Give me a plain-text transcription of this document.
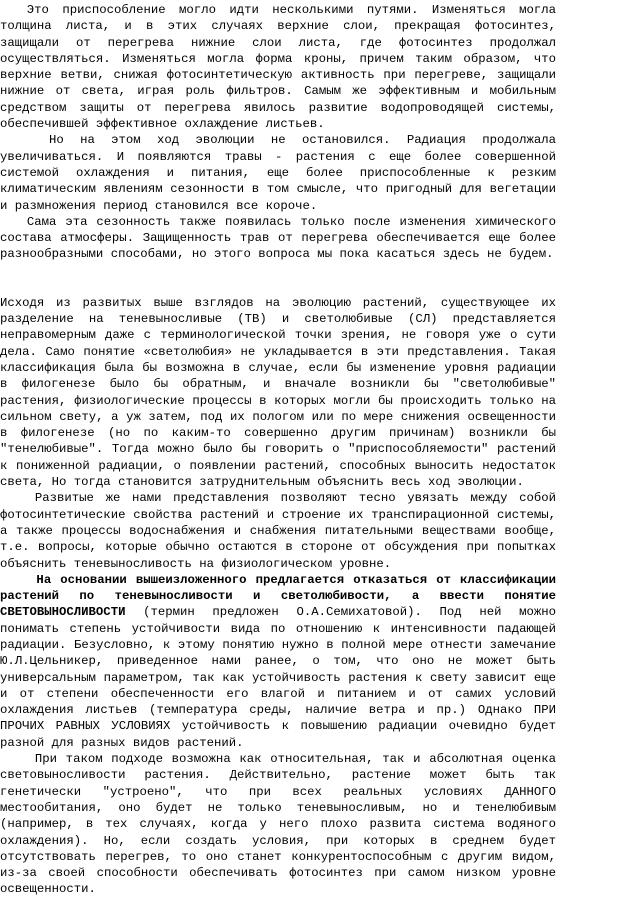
Это приспособление могло идти несколькими путями. Изменяться могла толщина листа, и в этих случаях верхние слои, прекращая фотосинтез, защищали от перегрева нижние слои листа, где фотосинтез продолжал осуществляться. Изменяться могла форма кроны, причем таким образом, что верхние ветви, снижая фотосинтетическую активность при перегреве, защищали нижние от света, играя роль фильтров. Самым же эффективным и мобильным средством защиты от перегрева явилось развитие водопроводящей системы, обеспечившей эффективное охлаждение листьев.

Но на этом ход эволюции не остановился. Радиация продолжала увеличиваться. И появляются травы - растения с еще более совершенной системой охлаждения и питания, еще более приспособленные к резким климатическим явлениям сезонности в том смысле, что пригодный для вегетации и размножения период становился все короче.

Сама эта сезонность также появилась только после изменения химического состава атмосферы. Защищенность трав от перегрева обеспечивается еще более разнообразными способами, но этого вопроса мы пока касаться здесь не будем.

Исходя из развитых выше взглядов на эволюцию растений, существующее их разделение на теневыносливые (ТВ) и светолюбивые (СЛ) представляется неправомерным даже с терминологической точки зрения, не говоря уже о сути дела. Само понятие «светолюбия» не укладывается в эти представления. Такая классификация была бы возможна в случае, если бы изменение уровня радиации в филогенезе было бы обратным, и вначале возникли бы "светолюбивые" растения, физиологические процессы в которых могли бы происходить только на сильном свету, а уж затем, под их пологом или по мере снижения освещенности в филогенезе (но по каким-то совершенно другим причинам) возникли бы "тенелюбивые". Тогда можно было бы говорить о "приспособляемости" растений к пониженной радиации, о появлении растений, способных выносить недостаток света, Но тогда становится затруднительным объяснить весь ход эволюции.

Развитые же нами представления позволяют тесно увязать между собой фотосинтетические свойства растений и строение их транспирационной системы, а также процессы водоснабжения и снабжения питательными веществами вообще, т.е. вопросы, которые обычно остаются в стороне от обсуждения при попытках объяснить теневыносливость на физиологическом уровне.

На основании вышеизложенного предлагается отказаться от классификации растений по теневыносливости и светолюбивости, а ввести понятие СВЕТОВЫНОСЛИВОСТИ (термин предложен О.А.Семихатовой). Под ней можно понимать степень устойчивости вида по отношению к интенсивности падающей радиации. Безусловно, к этому понятию нужно в полной мере отнести замечание Ю.Л.Цельникер, приведенное нами ранее, о том, что оно не может быть универсальным параметром, так как устойчивость растения к свету зависит еще и от степени обеспеченности его влагой и питанием и от самих условий охлаждения листьев (температура среды, наличие ветра и пр.) Однако ПРИ ПРОЧИХ РАВНЫХ УСЛОВИЯХ устойчивость к повышению радиации очевидно будет разной для разных видов растений.

При таком подходе возможна как относительная, так и абсолютная оценка световыносливости растения. Действительно, растение может быть так генетически "устроено", что при всех реальных условиях ДАННОГО местообитания, оно будет не только теневыносливым, но и тенелюбивым (например, в тех случаях, когда у него плохо развита система водяного охлаждения). Но, если создать условия, при которых в среднем будет отсутствовать перегрев, то оно станет конкурентоспособным с другим видом, из-за своей способности обеспечивать фотосинтез при самом низком уровне освещенности.
